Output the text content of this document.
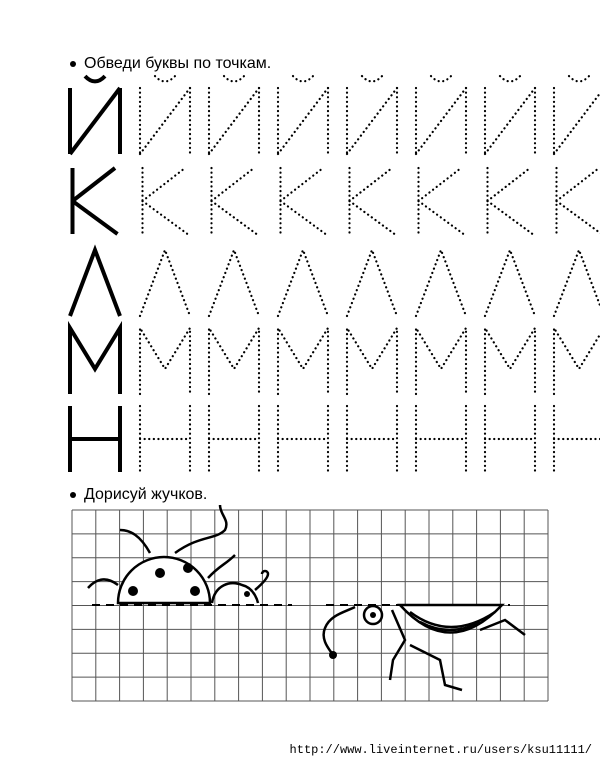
Обведи буквы по точкам.
Дорисуй жучков.
http://www.liveinternet.ru/users/ksu11111/
